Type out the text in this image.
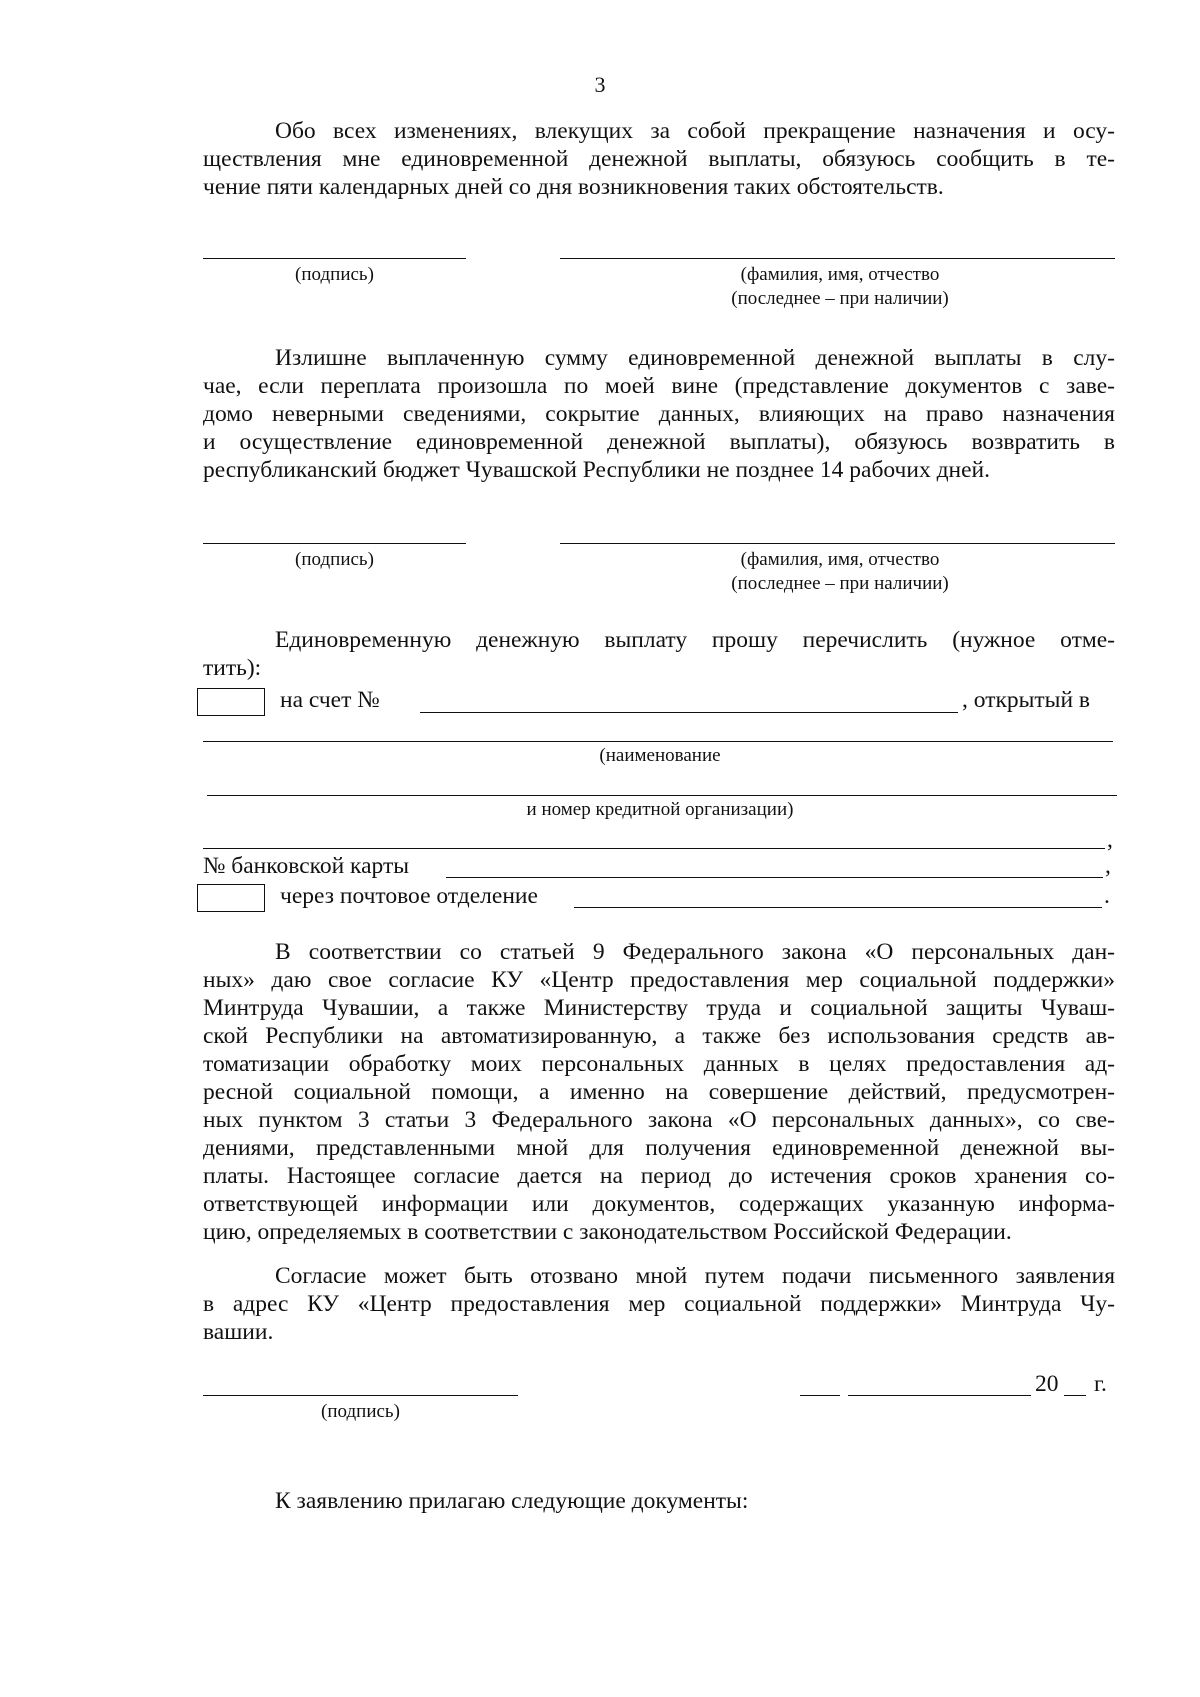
3

Обо всех изменениях, влекущих за собой прекращение назначения и осу-

ществления мне единовременной денежной выплаты, обязуюсь сообщить в те-

чение пяти календарных дней со дня возникновения таких обстоятельств.

(подпись)	(фамилия, имя, отчество
(последнее – при наличии)

Излишне выплаченную сумму единовременной денежной выплаты в слу-

чае, если переплата произошла по моей вине (представление документов с заве-

домо неверными сведениями, сокрытие данных, влияющих на право назначения

и осуществление единовременной денежной выплаты), обязуюсь возвратить в

республиканский бюджет Чувашской Республики не позднее 14 рабочих дней.

(подпись)	(фамилия, имя, отчество
(последнее – при наличии)

Единовременную денежную выплату прошу перечислить (нужное отме-

тить):

на счет №	, открытый в
(наименование
и номер кредитной организации)
,
№ банковской карты	,
через почтовое отделение	.

В соответствии со статьей 9 Федерального закона «О персональных дан-

ных» даю свое согласие КУ «Центр предоставления мер социальной поддержки»

Минтруда Чувашии, а также Министерству труда и социальной защиты Чуваш-

ской Республики на автоматизированную, а также без использования средств ав-

томатизации обработку моих персональных данных в целях предоставления ад-

ресной социальной помощи, а именно на совершение действий, предусмотрен-

ных пунктом 3 статьи 3 Федерального закона «О персональных данных», со све-

дениями, представленными мной для получения единовременной денежной вы-

платы. Настоящее согласие дается на период до истечения сроков хранения со-

ответствующей информации или документов, содержащих указанную информа-

цию, определяемых в соответствии с законодательством Российской Федерации.

Согласие может быть отозвано мной путем подачи письменного заявления

в адрес КУ «Центр предоставления мер социальной поддержки» Минтруда Чу-

вашии.

(подпись)
20 г.
К заявлению прилагаю следующие документы:
